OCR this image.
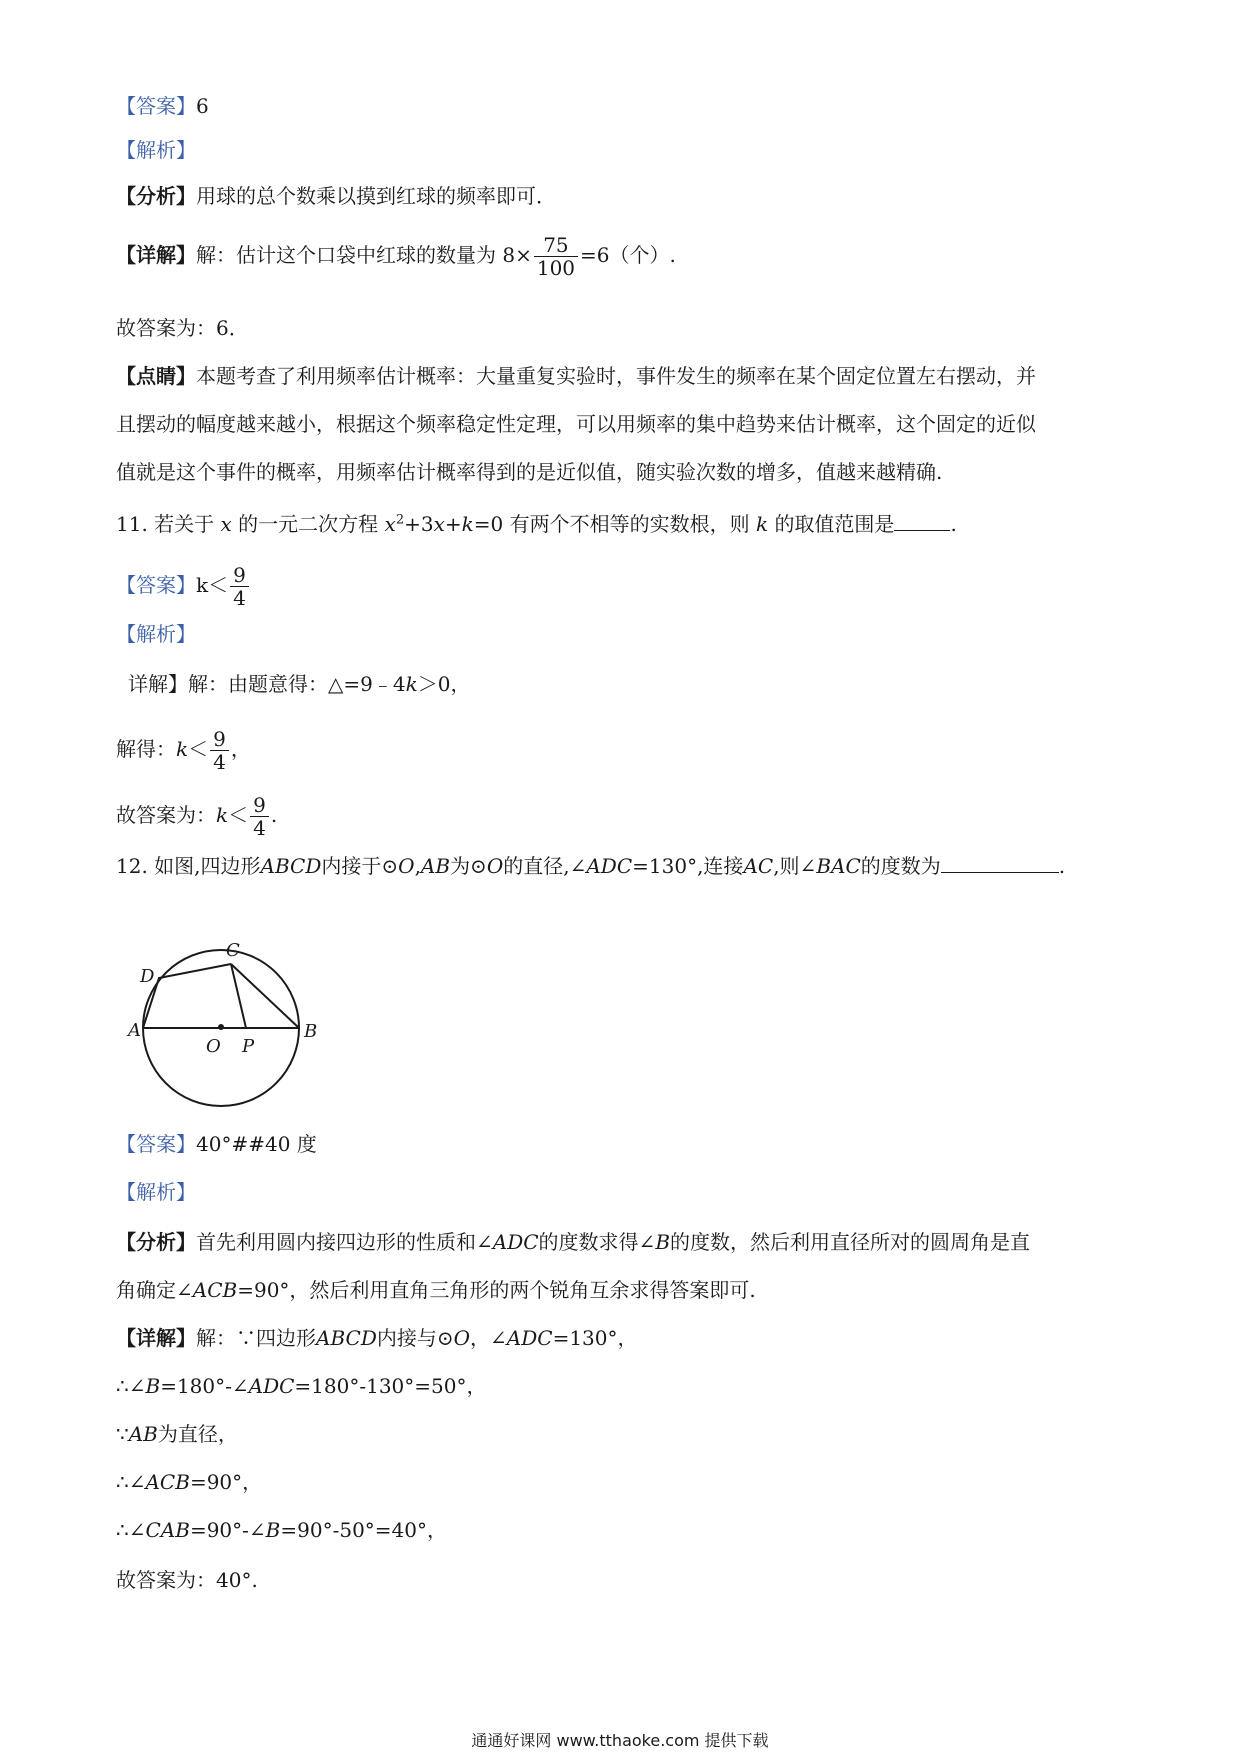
【答案】6
【解析】
【分析】用球的总个数乘以摸到红球的频率即可．
【详解】解：估计这个口袋中红球的数量为 $8\times \frac{75}{100} =6$（个）.
故答案为：6．
【点睛】本题考查了利用频率估计概率：大量重复实验时，事件发生的频率在某个固定位置左右摆动，并
且摆动的幅度越来越小，根据这个频率稳定性定理，可以用频率的集中趋势来估计概率，这个固定的近似
值就是这个事件的概率，用频率估计概率得到的是近似值，随实验次数的增多，值越来越精确.
11. 若关于 x 的一元二次方程 $x^2+3x+k=0$ 有两个不相等的实数根，则 k 的取值范围是	.
【答案】$k< \frac{9}{4}$
【解析】
详解】解：由题意得：△=9﹣4k＞0，
解得：$k< \frac{9}{4}$ ，
故答案为：$k< \frac{9}{4}$ .
12. 如图,四边形ABCD内接于⊙O,AB为⊙O的直径,∠ADC=130°,连接AC,则∠BAC的度数为	.
A	B
C
D
O P
【答案】40°##40 度
【解析】
【分析】首先利用圆内接四边形的性质和∠ADC的度数求得∠B的度数，然后利用直径所对的圆周角是直
角确定∠ACB=90°，然后利用直角三角形的两个锐角互余求得答案即可.
【详解】解：∵四边形ABCD内接与⊙O，∠ADC=130°，
∴∠B=180°-∠ADC=180°-130°=50°，
∵AB为直径，
∴∠ACB=90°，
∴∠CAB=90°-∠B=90°-50°=40°，
故答案为：40°.
通通好课网 www.tthaoke.com 提供下载
